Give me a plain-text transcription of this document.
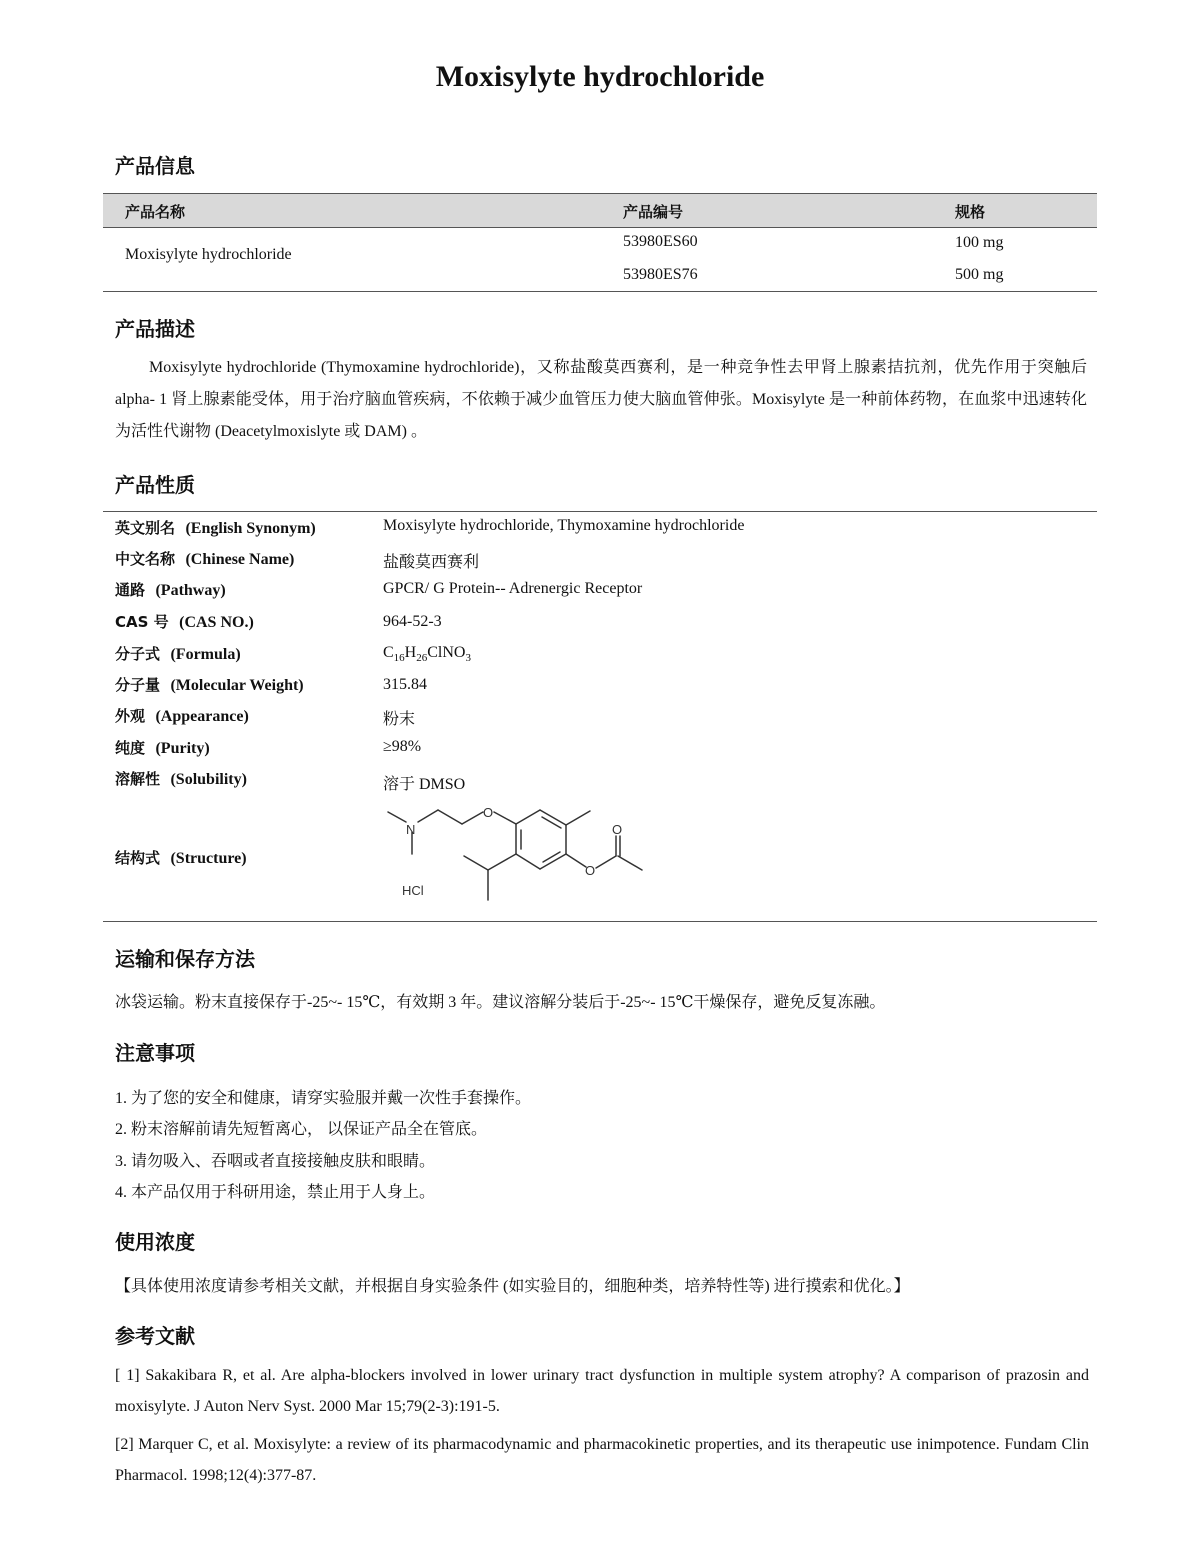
Moxisylyte hydrochloride
产品信息
产品名称	产品编号	规格
Moxisylyte hydrochloride
53980ES60	100 mg
53980ES76	500 mg
产品描述
Moxisylyte hydrochloride (Thymoxamine hydrochloride)，又称盐酸莫西赛利，是一种竞争性去甲肾上腺素拮抗剂，优先作用于突触后 alpha- 1 肾上腺素能受体，用于治疗脑血管疾病，不依赖于减少血管压力使大脑血管伸张。Moxisylyte 是一种前体药物，在血浆中迅速转化为活性代谢物 (Deacetylmoxislyte 或 DAM) 。
产品性质
英文别名 (English Synonym)	Moxisylyte hydrochloride, Thymoxamine hydrochloride
中文名称 (Chinese Name)	盐酸莫西赛利
通路 (Pathway)	GPCR/ G Protein-- Adrenergic Receptor
CAS 号 (CAS NO.)	964-52-3
分子式 (Formula)	$C_{16}H_{26}ClNO_3$
分子量 (Molecular Weight)	315.84
外观 (Appearance)	粉末
纯度 (Purity)	≥98%
溶解性 (Solubility)	溶于 DMSO
结构式 (Structure)
N
O
O
O
HCl
运输和保存方法
冰袋运输。粉末直接保存于-25~- 15℃，有效期 3 年。建议溶解分装后于-25~- 15℃干燥保存，避免反复冻融。
注意事项
1. 为了您的安全和健康，请穿实验服并戴一次性手套操作。
2. 粉末溶解前请先短暂离心， 以保证产品全在管底。
3. 请勿吸入、吞咽或者直接接触皮肤和眼睛。
4. 本产品仅用于科研用途，禁止用于人身上。
使用浓度
【具体使用浓度请参考相关文献，并根据自身实验条件 (如实验目的，细胞种类，培养特性等) 进行摸索和优化。】
参考文献
[ 1] Sakakibara R, et al. Are alpha-blockers involved in lower urinary tract dysfunction in multiple system atrophy? A comparison of prazosin and moxisylyte. J Auton Nerv Syst. 2000 Mar 15;79(2-3):191-5.
[2] Marquer C, et al. Moxisylyte: a review of its pharmacodynamic and pharmacokinetic properties, and its therapeutic use inimpotence. Fundam Clin Pharmacol. 1998;12(4):377-87.
